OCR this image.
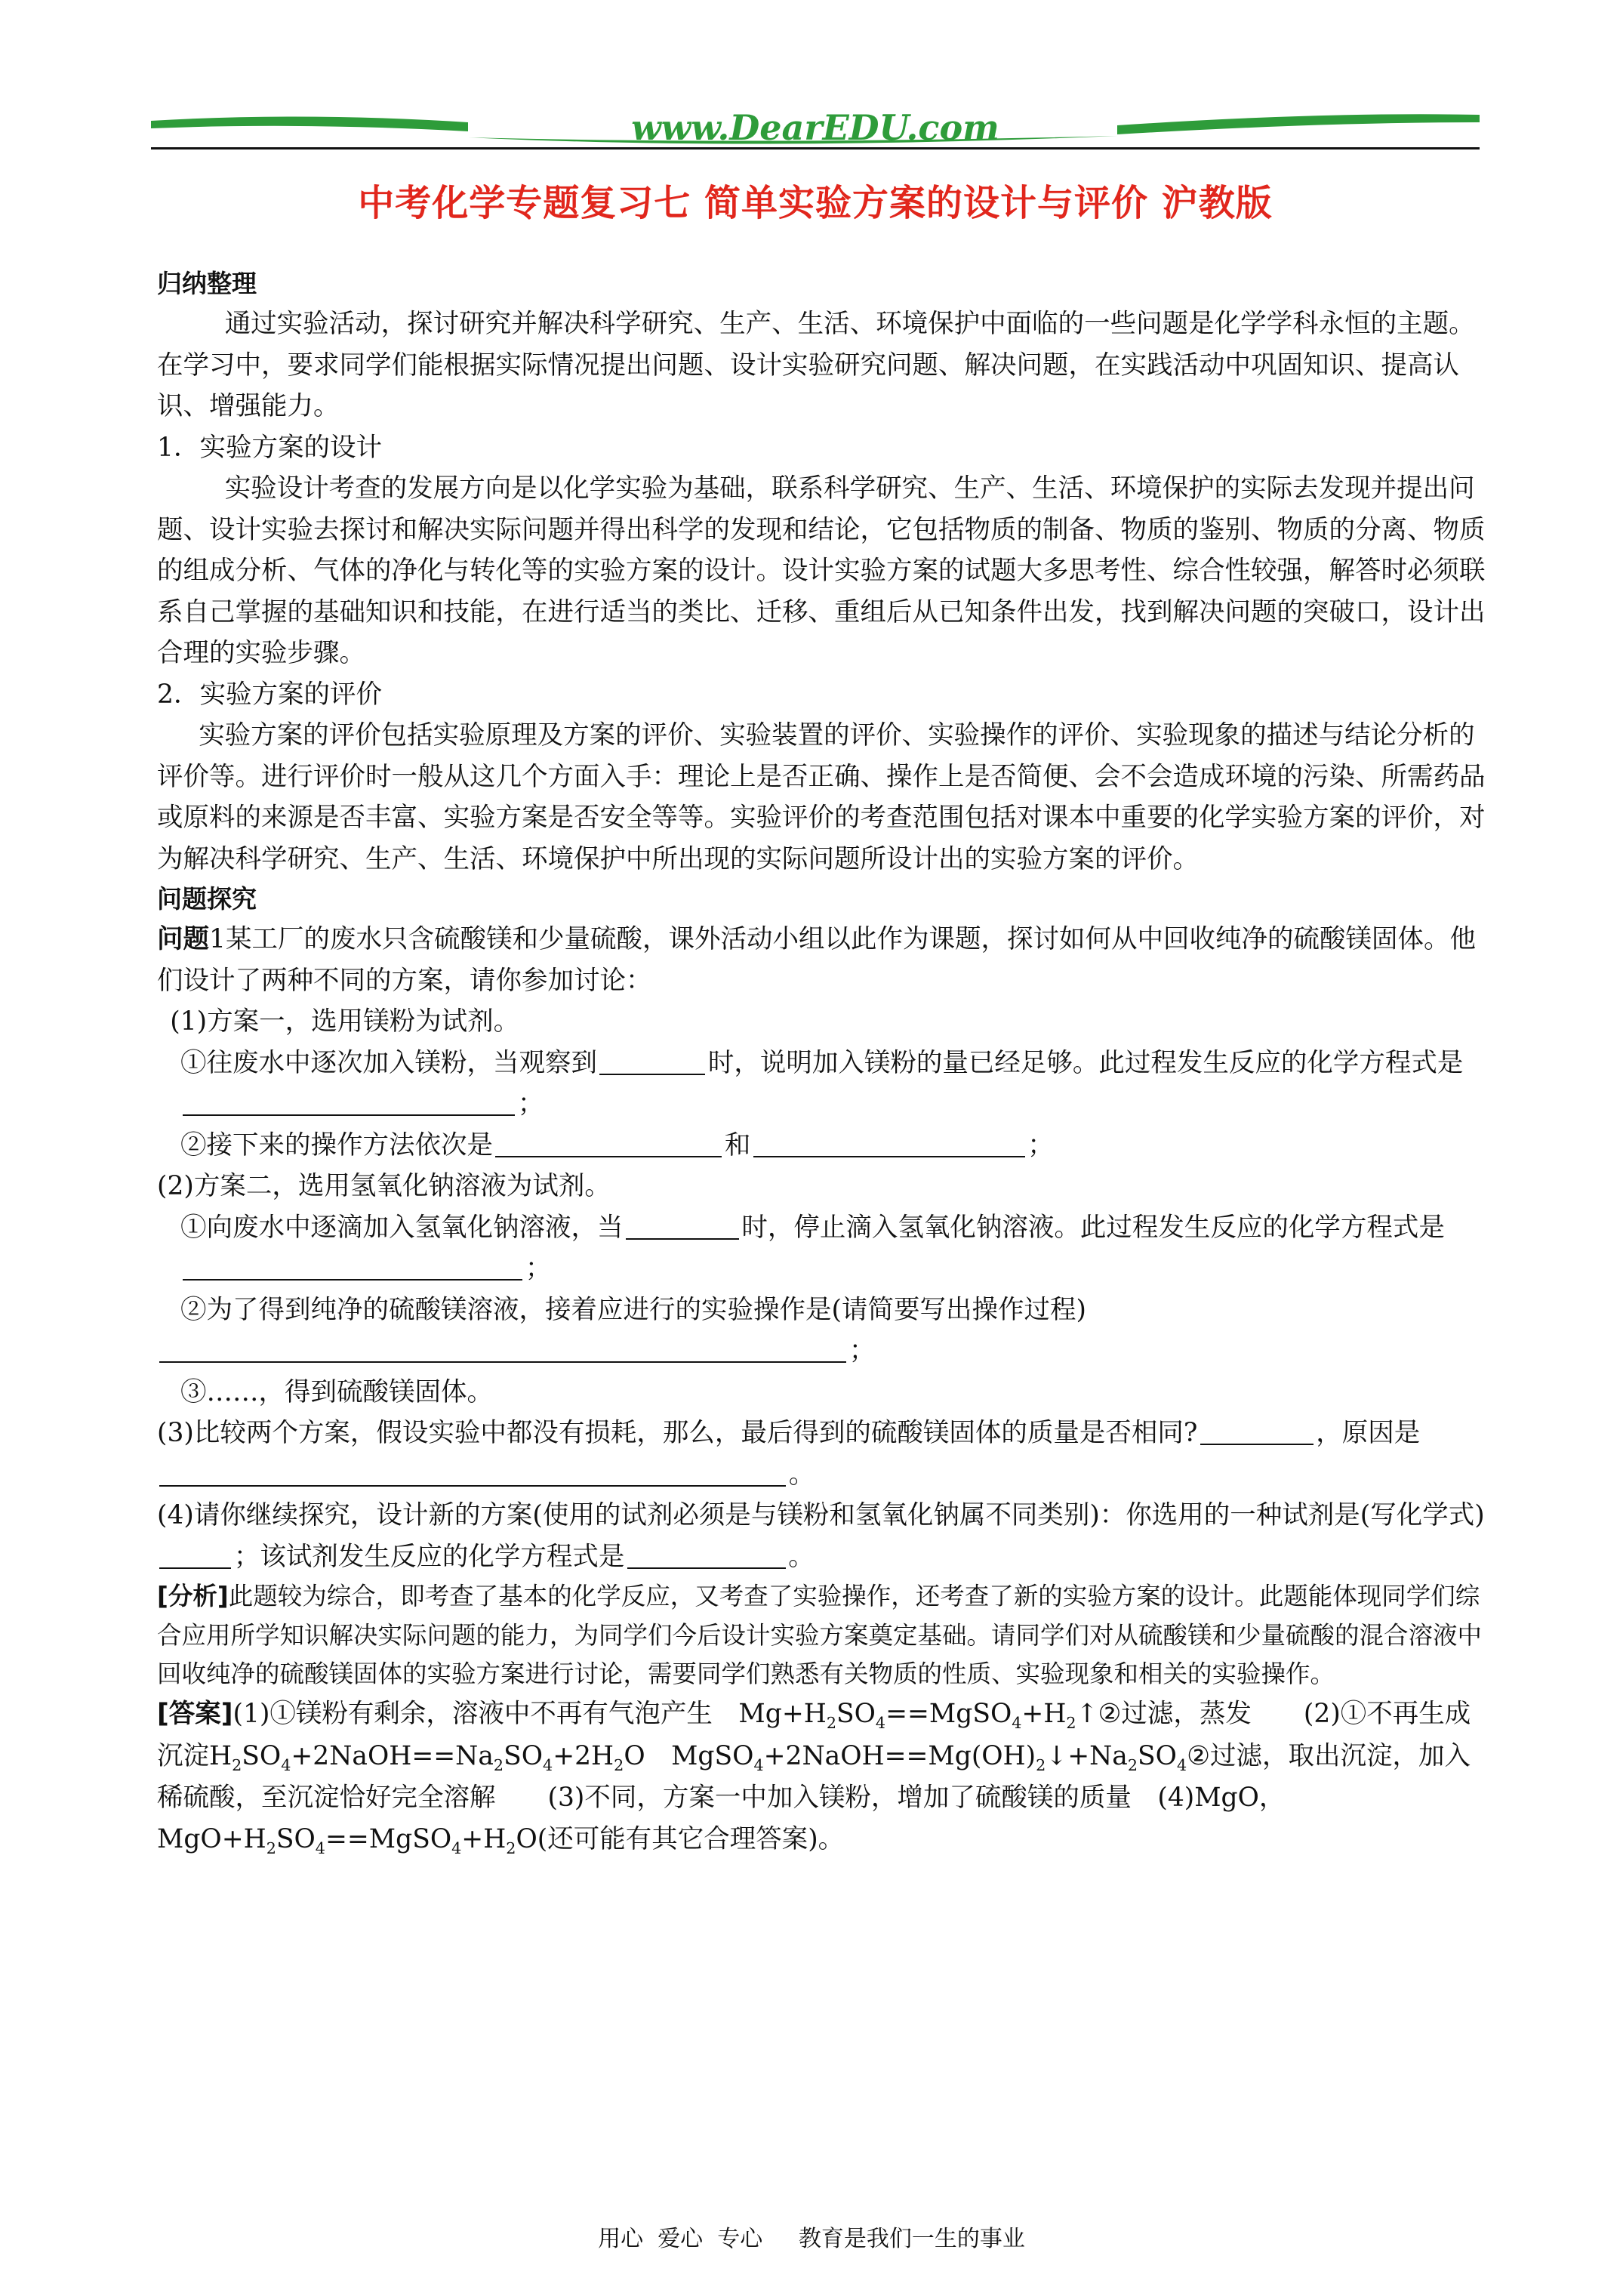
www.DearEDU.com
中考化学专题复习七 简单实验方案的设计与评价 沪教版

归纳整理

通过实验活动，探讨研究并解决科学研究、生产、生活、环境保护中面临的一些问题是化学学科永恒的主题。在学习中，要求同学们能根据实际情况提出问题、设计实验研究问题、解决问题，在实践活动中巩固知识、提高认识、增强能力。

1．实验方案的设计

实验设计考查的发展方向是以化学实验为基础，联系科学研究、生产、生活、环境保护的实际去发现并提出问题、设计实验去探讨和解决实际问题并得出科学的发现和结论，它包括物质的制备、物质的鉴别、物质的分离、物质的组成分析、气体的净化与转化等的实验方案的设计。设计实验方案的试题大多思考性、综合性较强，解答时必须联系自己掌握的基础知识和技能，在进行适当的类比、迁移、重组后从已知条件出发，找到解决问题的突破口，设计出合理的实验步骤。

2．实验方案的评价

实验方案的评价包括实验原理及方案的评价、实验装置的评价、实验操作的评价、实验现象的描述与结论分析的评价等。进行评价时一般从这几个方面入手：理论上是否正确、操作上是否简便、会不会造成环境的污染、所需药品或原料的来源是否丰富、实验方案是否安全等等。实验评价的考查范围包括对课本中重要的化学实验方案的评价，对为解决科学研究、生产、生活、环境保护中所出现的实际问题所设计出的实验方案的评价。

问题探究

问题1某工厂的废水只含硫酸镁和少量硫酸，课外活动小组以此作为课题，探讨如何从中回收纯净的硫酸镁固体。他们设计了两种不同的方案，请你参加讨论：

(1)方案一，选用镁粉为试剂。

①往废水中逐次加入镁粉，当观察到	时，说明加入镁粉的量已经足够。此过程发生反应的化学方程式是；

②接下来的操作方法依次是	和	；

(2)方案二，选用氢氧化钠溶液为试剂。

①向废水中逐滴加入氢氧化钠溶液，当	时，停止滴入氢氧化钠溶液。此过程发生反应的化学方程式是；

②为了得到纯净的硫酸镁溶液，接着应进行的实验操作是(请简要写出操作过程)

；

③……，得到硫酸镁固体。

(3)比较两个方案，假设实验中都没有损耗，那么，最后得到的硫酸镁固体的质量是否相同?	，原因是。

(4)请你继续探究，设计新的方案(使用的试剂必须是与镁粉和氢氧化钠属不同类别)：你选用的一种试剂是(写化学式)；该试剂发生反应的化学方程式是	。

[分析]此题较为综合，即考查了基本的化学反应，又考查了实验操作，还考查了新的实验方案的设计。此题能体现同学们综合应用所学知识解决实际问题的能力，为同学们今后设计实验方案奠定基础。请同学们对从硫酸镁和少量硫酸的混合溶液中回收纯净的硫酸镁固体的实验方案进行讨论，需要同学们熟悉有关物质的性质、实验现象和相关的实验操作。

[答案](1)①镁粉有剩余，溶液中不再有气泡产生　$Mg+H_2SO_4==MgSO_4+H_2↑②$过滤，蒸发　　(2)①不再生成沉淀$H_2SO_4+2NaOH==Na_2SO_4+2H_2O$　$MgSO_4+2NaOH==Mg(OH)_2↓+Na_2SO_4②$过滤，取出沉淀，加入稀硫酸，至沉淀恰好完全溶解　　(3)不同，方案一中加入镁粉，增加了硫酸镁的质量　(4)MgO，$MgO+H_2SO_4==MgSO_4+H_2O$(还可能有其它合理答案)。

用心  爱心  专心     教育是我们一生的事业
